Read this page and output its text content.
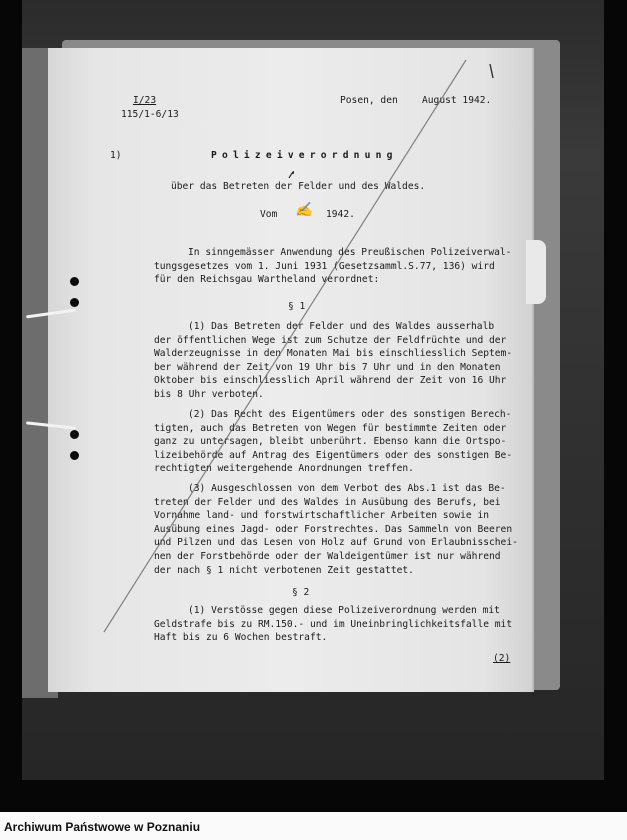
I/23
115/1-6/13
Posen, den	August 1942.
1)	Polizeiverordnung
über das Betreten der Felder und des Waldes.
Vom ✍ 1942.
In sinngemässer Anwendung des Preußischen Polizeiverwal-
tungsgesetzes vom 1. Juni 1931 (Gesetzsamml.S.77, 136) wird
für den Reichsgau Wartheland verordnet:
§ 1
(1) Das Betreten der Felder und des Waldes ausserhalb
der öffentlichen Wege ist zum Schutze der Feldfrüchte und der
Walderzeugnisse in den Monaten Mai bis einschliesslich Septem-
ber während der Zeit von 19 Uhr bis 7 Uhr und in den Monaten
Oktober bis einschliesslich April während der Zeit von 16 Uhr
bis 8 Uhr verboten.
(2) Das Recht des Eigentümers oder des sonstigen Berech-
tigten, auch das Betreten von Wegen für bestimmte Zeiten oder
ganz zu untersagen, bleibt unberührt. Ebenso kann die Ortspo-
lizeibehörde auf Antrag des Eigentümers oder des sonstigen Be-
rechtigten weitergehende Anordnungen treffen.
(3) Ausgeschlossen von dem Verbot des Abs.1 ist das Be-
treten der Felder und des Waldes in Ausübung des Berufs, bei
Vornahme land- und forstwirtschaftlicher Arbeiten sowie in
Ausübung eines Jagd- oder Forstrechtes. Das Sammeln von Beeren
und Pilzen und das Lesen von Holz auf Grund von Erlaubnisschei-
nen der Forstbehörde oder der Waldeigentümer ist nur während
der nach § 1 nicht verbotenen Zeit gestattet.
§ 2
(1) Verstösse gegen diese Polizeiverordnung werden mit
Geldstrafe bis zu RM.150.- und im Uneinbringlichkeitsfalle mit
Haft bis zu 6 Wochen bestraft.
(2)
Archiwum Państwowe w Poznaniu
